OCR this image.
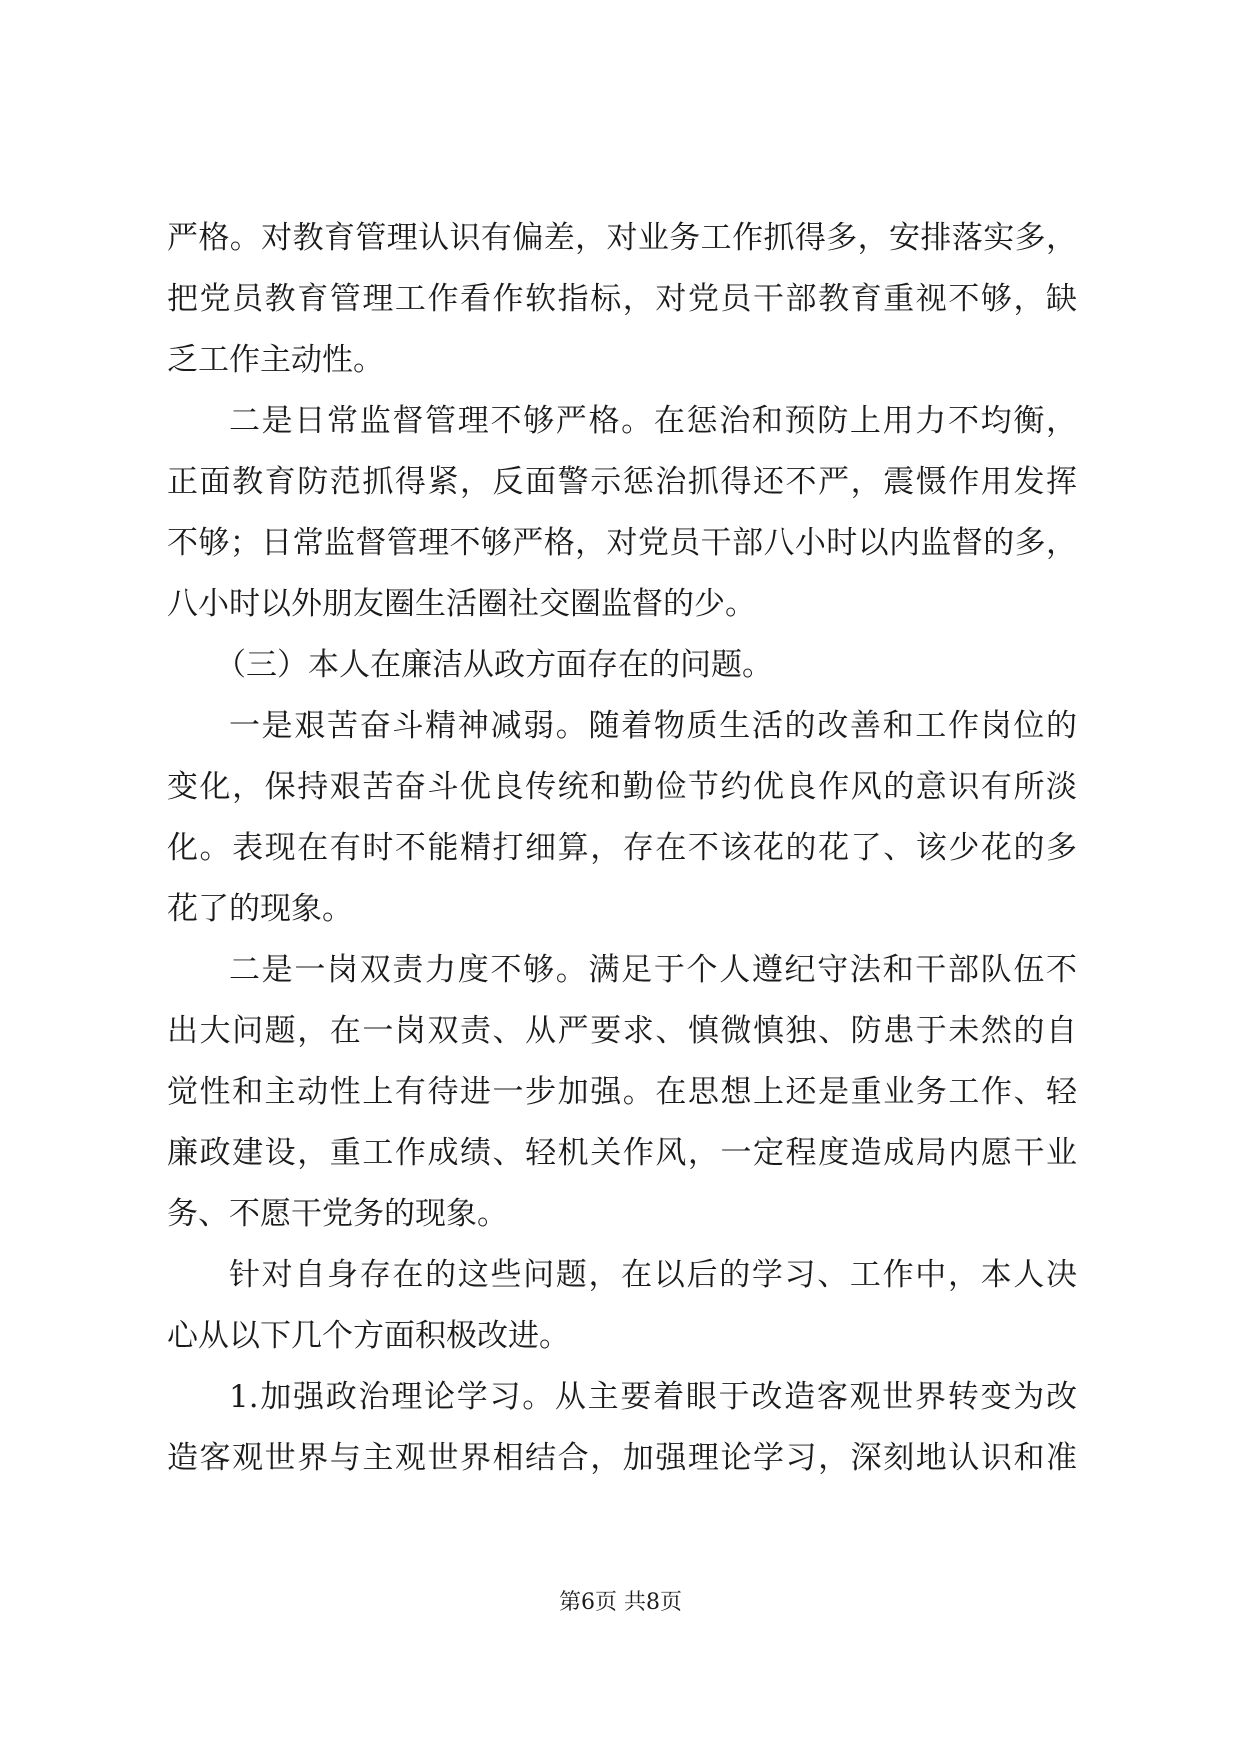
严格。对教育管理认识有偏差，对业务工作抓得多，安排落实多，
把党员教育管理工作看作软指标，对党员干部教育重视不够，缺
乏工作主动性。
二是日常监督管理不够严格。在惩治和预防上用力不均衡，
正面教育防范抓得紧，反面警示惩治抓得还不严，震慑作用发挥
不够；日常监督管理不够严格，对党员干部八小时以内监督的多，
八小时以外朋友圈生活圈社交圈监督的少。
（三）本人在廉洁从政方面存在的问题。
一是艰苦奋斗精神减弱。随着物质生活的改善和工作岗位的
变化，保持艰苦奋斗优良传统和勤俭节约优良作风的意识有所淡
化。表现在有时不能精打细算，存在不该花的花了、该少花的多
花了的现象。
二是一岗双责力度不够。满足于个人遵纪守法和干部队伍不
出大问题，在一岗双责、从严要求、慎微慎独、防患于未然的自
觉性和主动性上有待进一步加强。在思想上还是重业务工作、轻
廉政建设，重工作成绩、轻机关作风，一定程度造成局内愿干业
务、不愿干党务的现象。
针对自身存在的这些问题，在以后的学习、工作中，本人决
心从以下几个方面积极改进。
1.加强政治理论学习。从主要着眼于改造客观世界转变为改
造客观世界与主观世界相结合，加强理论学习，深刻地认识和准
第6页 共8页
